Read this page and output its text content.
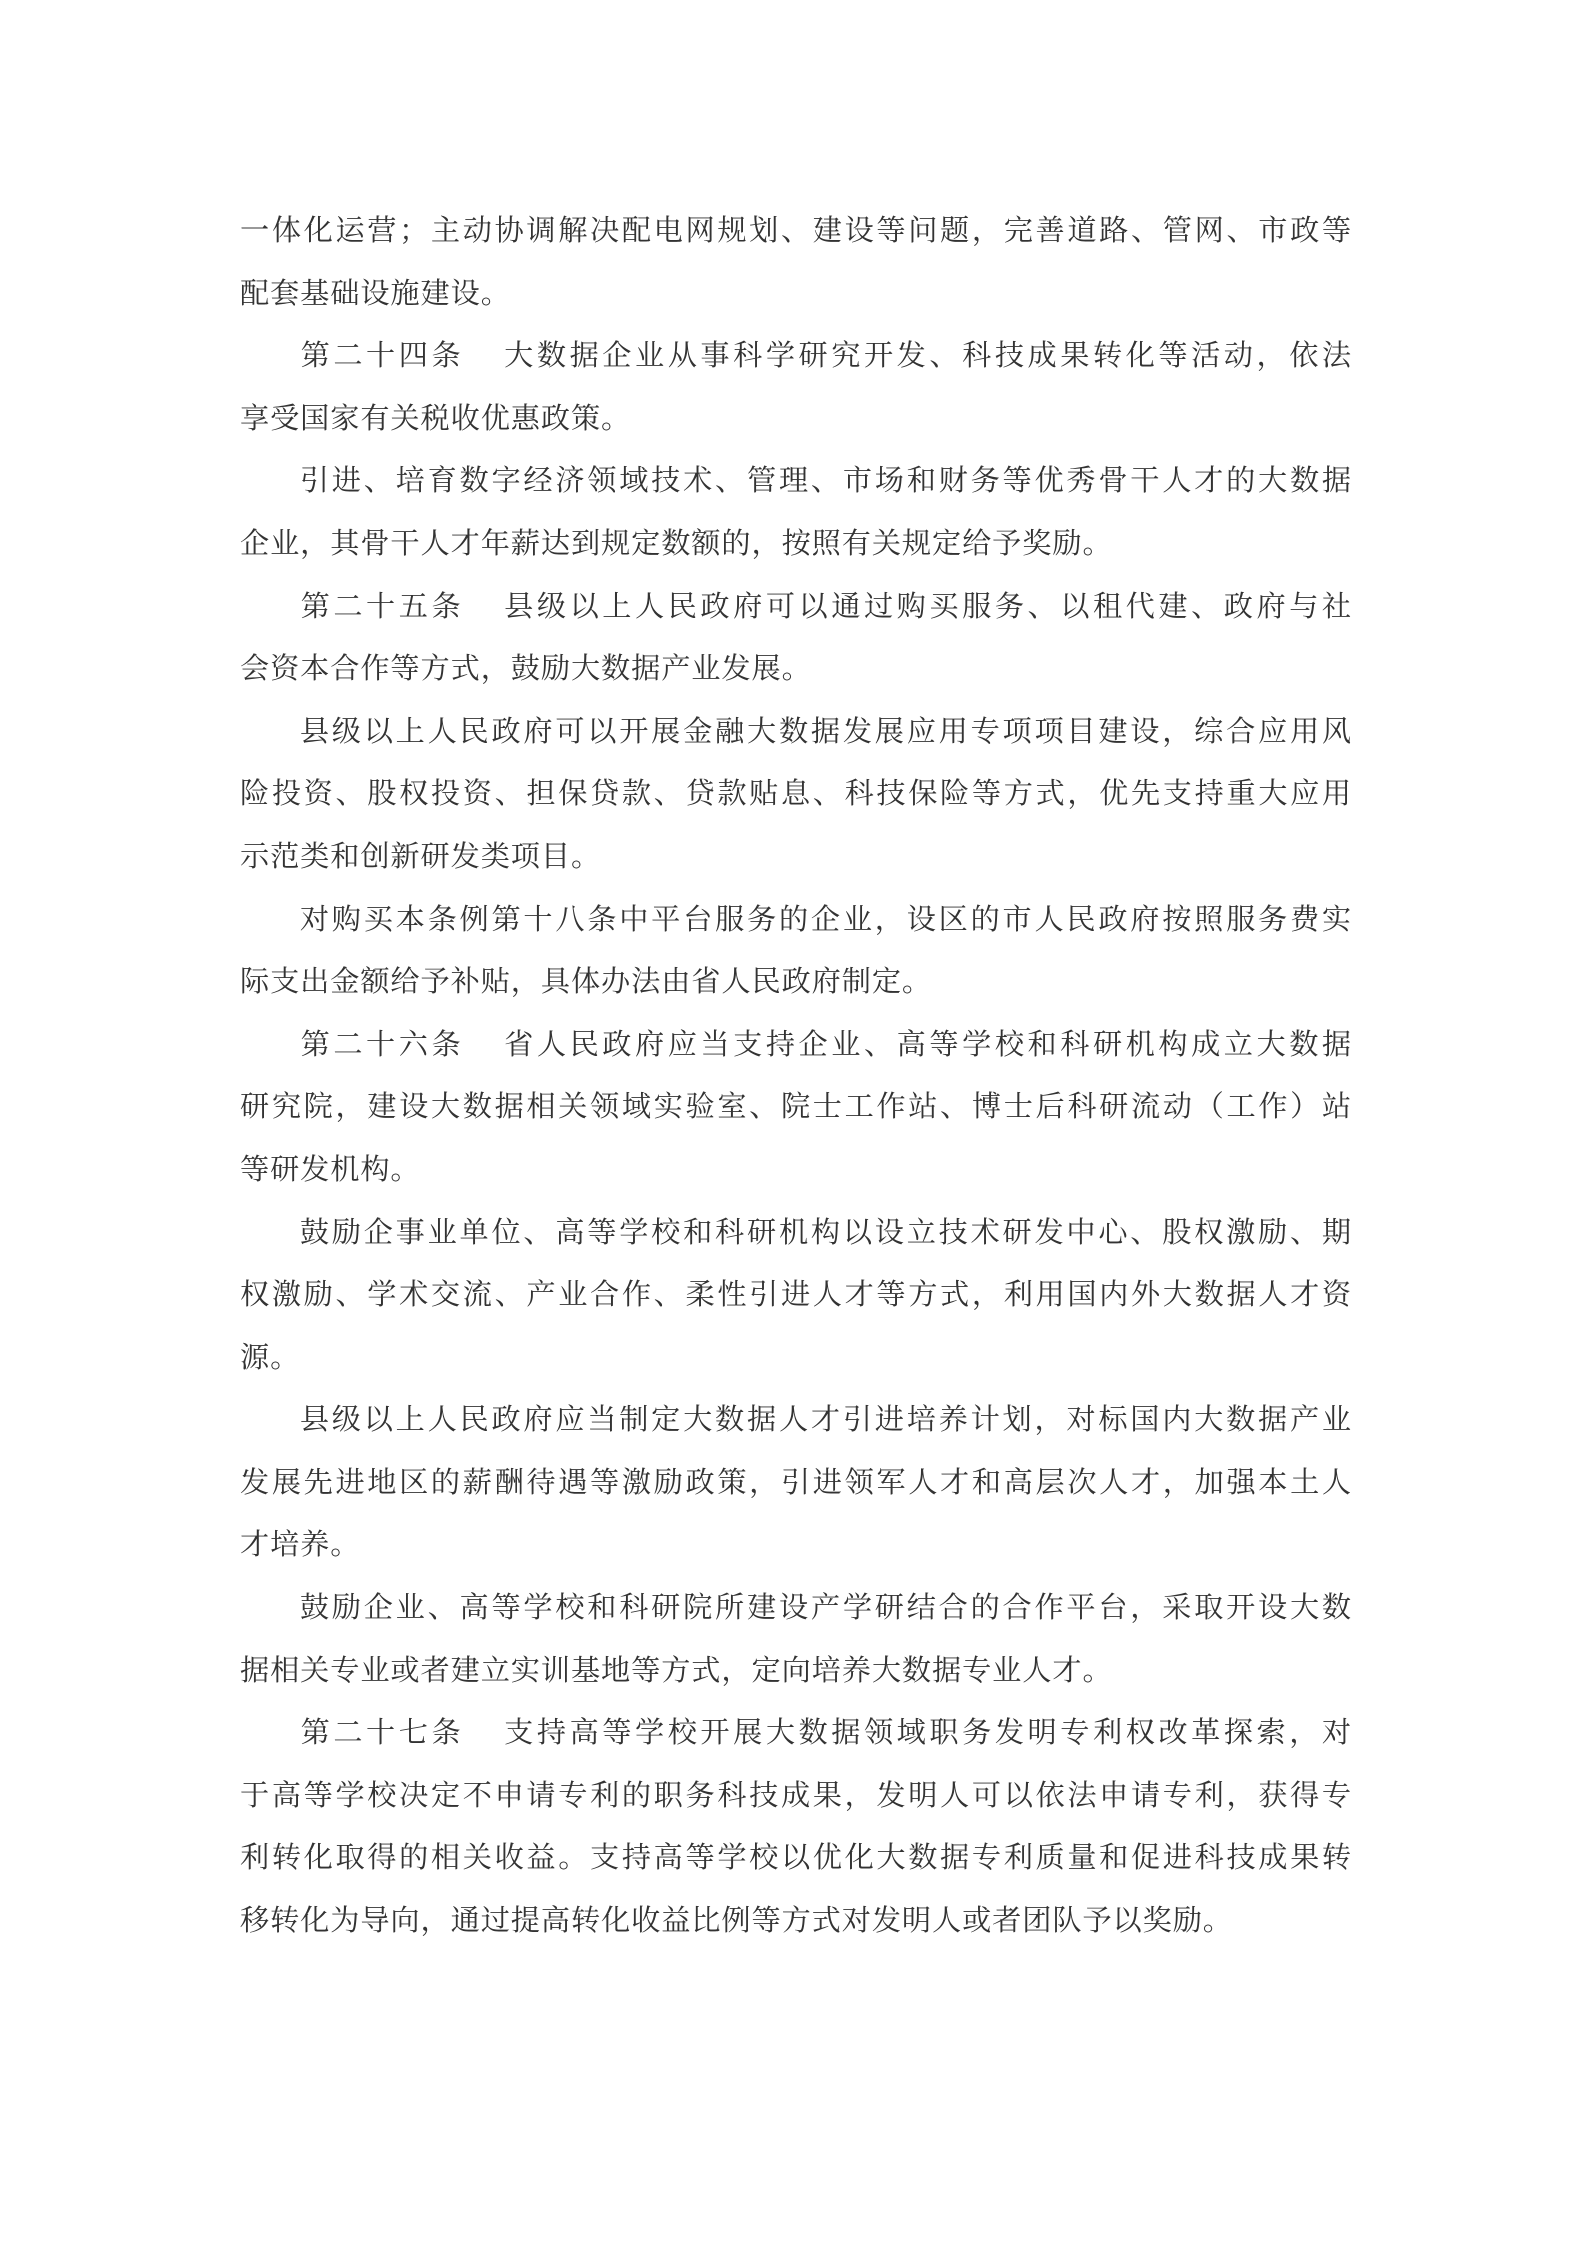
一体化运营；主动协调解决配电网规划、建设等问题，完善道路、管网、市政等
配套基础设施建设。
第二十四条 大数据企业从事科学研究开发、科技成果转化等活动，依法
享受国家有关税收优惠政策。
引进、培育数字经济领域技术、管理、市场和财务等优秀骨干人才的大数据
企业，其骨干人才年薪达到规定数额的，按照有关规定给予奖励。
第二十五条 县级以上人民政府可以通过购买服务、以租代建、政府与社
会资本合作等方式，鼓励大数据产业发展。
县级以上人民政府可以开展金融大数据发展应用专项项目建设，综合应用风
险投资、股权投资、担保贷款、贷款贴息、科技保险等方式，优先支持重大应用
示范类和创新研发类项目。
对购买本条例第十八条中平台服务的企业，设区的市人民政府按照服务费实
际支出金额给予补贴，具体办法由省人民政府制定。
第二十六条 省人民政府应当支持企业、高等学校和科研机构成立大数据
研究院，建设大数据相关领域实验室、院士工作站、博士后科研流动（工作）站
等研发机构。
鼓励企事业单位、高等学校和科研机构以设立技术研发中心、股权激励、期
权激励、学术交流、产业合作、柔性引进人才等方式，利用国内外大数据人才资
源。
县级以上人民政府应当制定大数据人才引进培养计划，对标国内大数据产业
发展先进地区的薪酬待遇等激励政策，引进领军人才和高层次人才，加强本土人
才培养。
鼓励企业、高等学校和科研院所建设产学研结合的合作平台，采取开设大数
据相关专业或者建立实训基地等方式，定向培养大数据专业人才。
第二十七条 支持高等学校开展大数据领域职务发明专利权改革探索，对
于高等学校决定不申请专利的职务科技成果，发明人可以依法申请专利，获得专
利转化取得的相关收益。支持高等学校以优化大数据专利质量和促进科技成果转
移转化为导向，通过提高转化收益比例等方式对发明人或者团队予以奖励。
